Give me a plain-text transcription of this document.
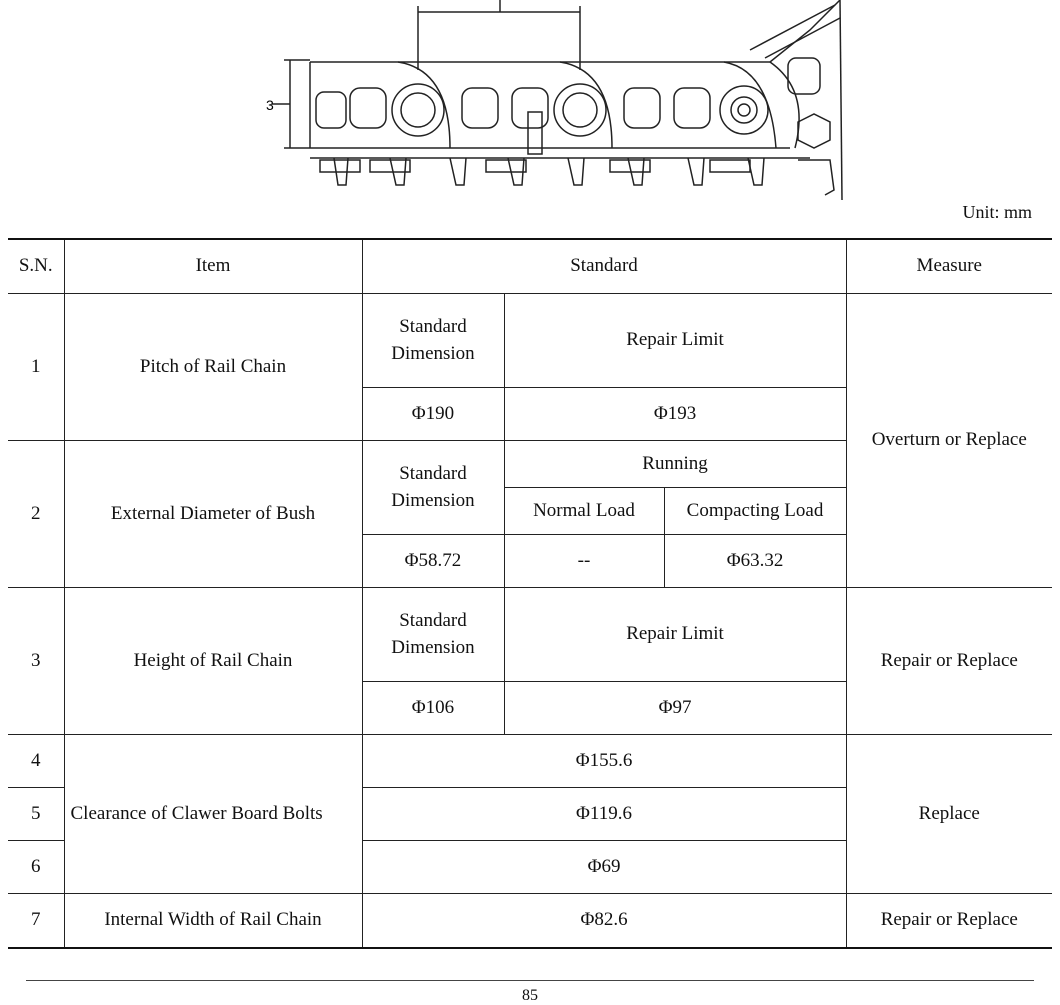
3
Unit: mm
S.N.	Item	Standard			Measure
1	Pitch of Rail Chain	Standard Dimension	Repair Limit		Overturn or Replace
		Φ190	Φ193		
2	External Diameter of Bush	Standard Dimension	Running		
			Normal Load	Compacting Load	
		Φ58.72	--	Φ63.32	
3	Height of Rail Chain	Standard Dimension	Repair Limit		Repair or Replace
		Φ106	Φ97		
4	Clearance of Clawer Board Bolts	Φ155.6			Replace
5		Φ119.6			
6		Φ69			
7	Internal Width of Rail Chain	Φ82.6			Repair or Replace
85
